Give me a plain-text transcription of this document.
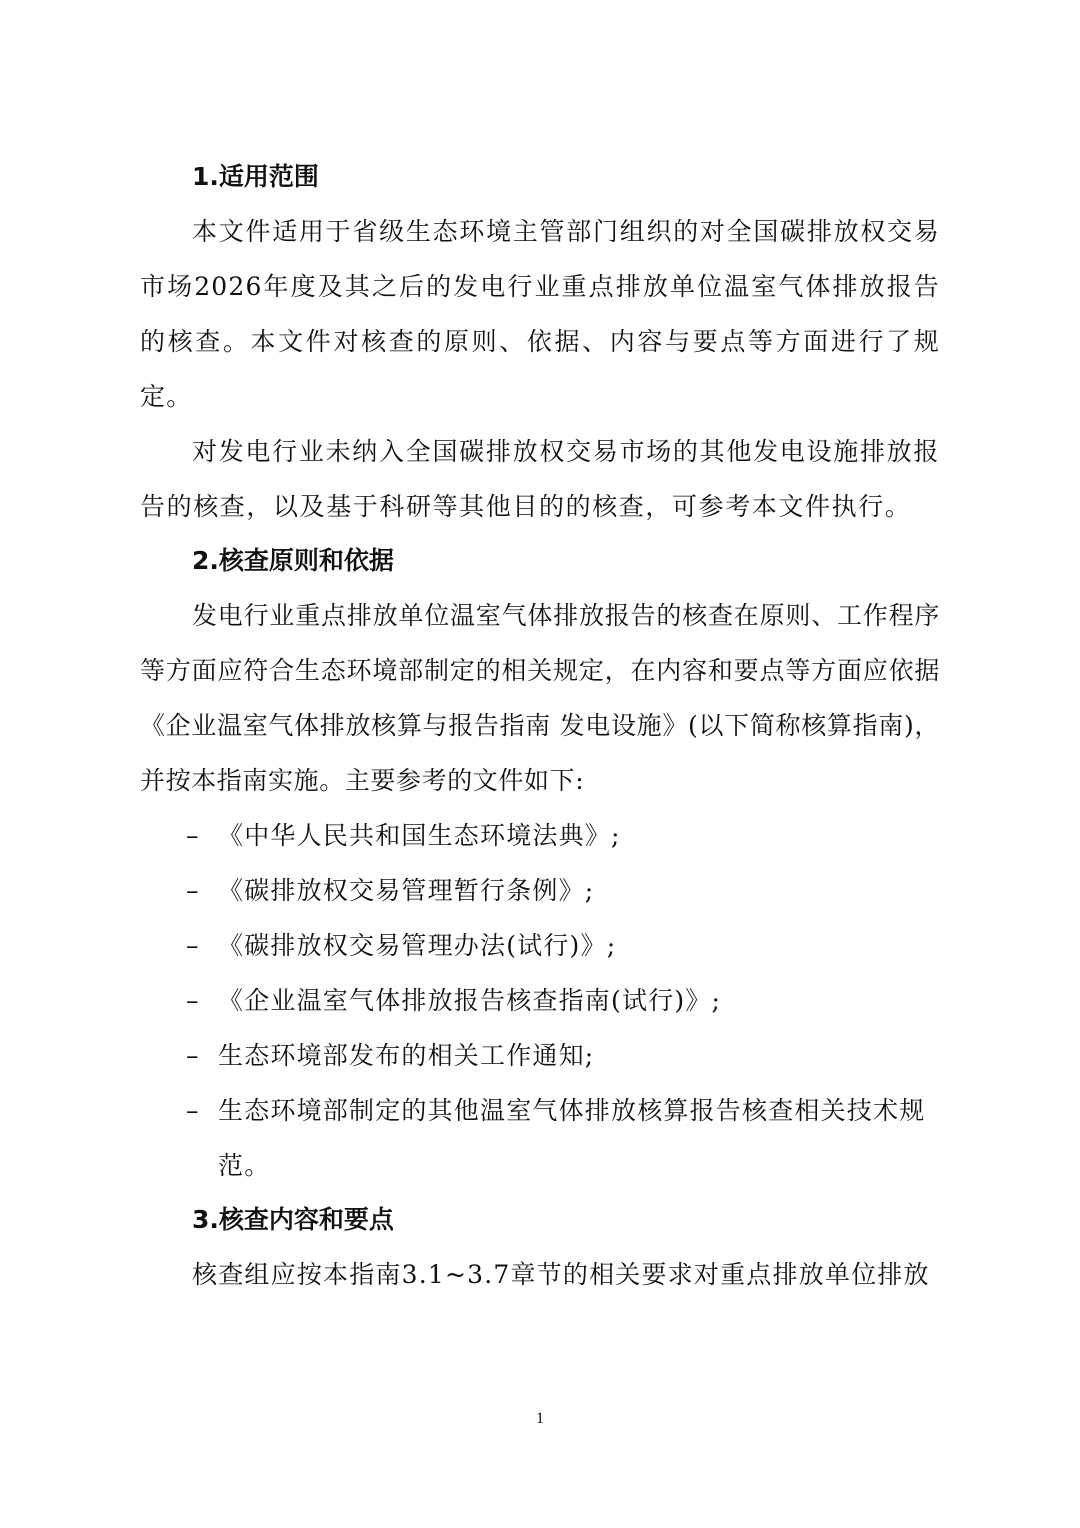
1.适用范围

本文件适用于省级生态环境主管部门组织的对全国碳排放权交易市场2026年度及其之后的发电行业重点排放单位温室气体排放报告的核查。本文件对核查的原则、依据、内容与要点等方面进行了规定。

对发电行业未纳入全国碳排放权交易市场的其他发电设施排放报告的核查，以及基于科研等其他目的的核查，可参考本文件执行。

2.核查原则和依据

发电行业重点排放单位温室气体排放报告的核查在原则、工作程序等方面应符合生态环境部制定的相关规定，在内容和要点等方面应依据《企业温室气体排放核算与报告指南 发电设施》(以下简称核算指南)，并按本指南实施。主要参考的文件如下:

– 《中华人民共和国生态环境法典》;
– 《碳排放权交易管理暂行条例》;
– 《碳排放权交易管理办法(试行)》;
– 《企业温室气体排放报告核查指南(试行)》;
– 生态环境部发布的相关工作通知;
– 生态环境部制定的其他温室气体排放核算报告核查相关技术规范。
3.核查内容和要点

核查组应按本指南3.1~3.7章节的相关要求对重点排放单位排放

1
